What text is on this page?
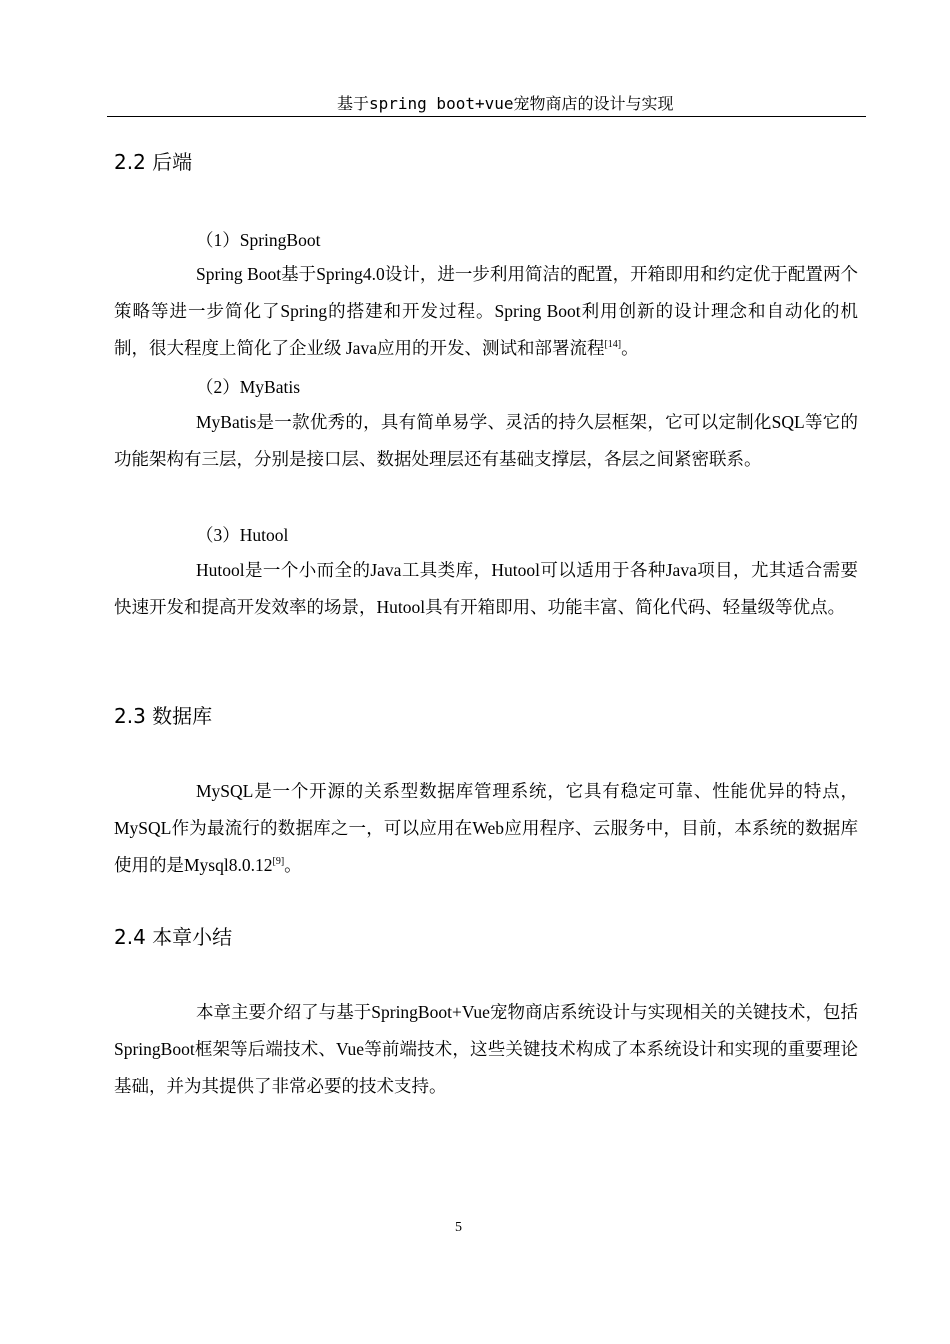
基于spring boot+vue宠物商店的设计与实现
2.2 后端
（1）SpringBoot

Spring Boot基于Spring4.0设计，进一步利用简洁的配置，开箱即用和约定优于配置两个策略等进一步简化了Spring的搭建和开发过程。Spring Boot利用创新的设计理念和自动化的机制，很大程度上简化了企业级 Java应用的开发、测试和部署流程[14]。

（2）MyBatis

MyBatis是一款优秀的，具有简单易学、灵活的持久层框架，它可以定制化SQL等它的功能架构有三层，分别是接口层、数据处理层还有基础支撑层，各层之间紧密联系。

（3）Hutool

Hutool是一个小而全的Java工具类库，Hutool可以适用于各种Java项目，尤其适合需要快速开发和提高开发效率的场景，Hutool具有开箱即用、功能丰富、简化代码、轻量级等优点。

2.3 数据库

MySQL是一个开源的关系型数据库管理系统，它具有稳定可靠、性能优异的特点，MySQL作为最流行的数据库之一，可以应用在Web应用程序、云服务中，目前，本系统的数据库使用的是Mysql8.0.12[9]。

2.4 本章小结

本章主要介绍了与基于SpringBoot+Vue宠物商店系统设计与实现相关的关键技术，包括 SpringBoot框架等后端技术、Vue等前端技术，这些关键技术构成了本系统设计和实现的重要理论基础，并为其提供了非常必要的技术支持。

5
